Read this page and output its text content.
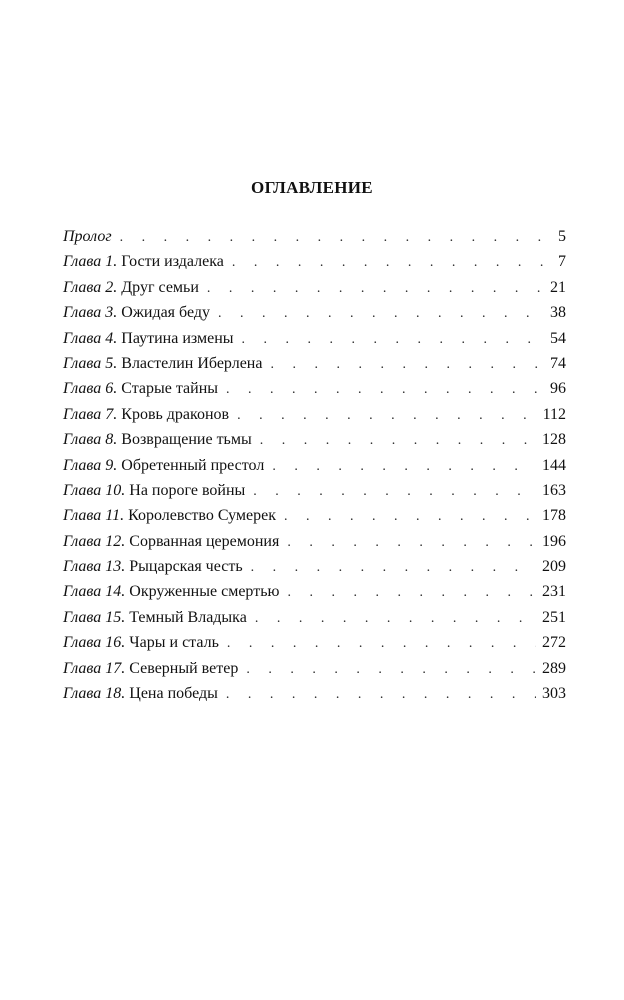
ОГЛАВЛЕНИЕ
Пролог . . .	5
Глава 1. Гости издалека . . .	7
Глава 2. Друг семьи . . .	21
Глава 3. Ожидая беду . . .	38
Глава 4. Паутина измены . . .	54
Глава 5. Властелин Иберлена . . .	74
Глава 6. Старые тайны . . .	96
Глава 7. Кровь драконов . . .	112
Глава 8. Возвращение тьмы . . .	128
Глава 9. Обретенный престол . . .	144
Глава 10. На пороге войны . . .	163
Глава 11. Королевство Сумерек . . .	178
Глава 12. Сорванная церемония . . .	196
Глава 13. Рыцарская честь . . .	209
Глава 14. Окруженные смертью . . .	231
Глава 15. Темный Владыка . . .	251
Глава 16. Чары и сталь . . .	272
Глава 17. Северный ветер . . .	289
Глава 18. Цена победы . . .	303
